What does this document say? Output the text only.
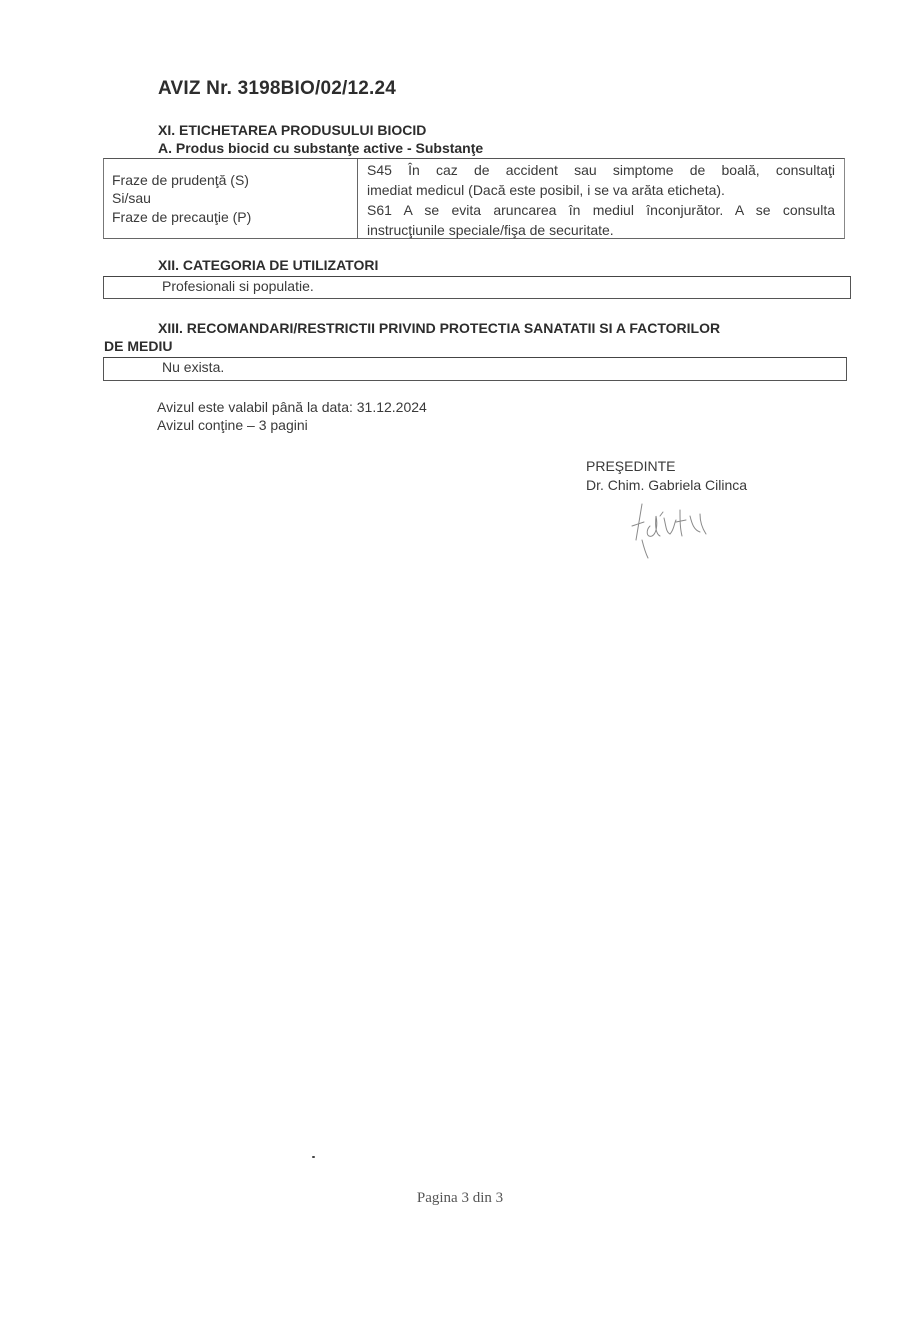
AVIZ Nr. 3198BIO/02/12.24
XI. ETICHETAREA PRODUSULUI BIOCID
A. Produs biocid cu substanţe active - Substanţe
Fraze de prudenţă (S)
Si/sau
Fraze de precauţie (P)
S45 În caz de accident sau simptome de boală, consultaţi
imediat medicul (Dacă este posibil, i se va arăta eticheta).
S61 A se evita aruncarea în mediul înconjurător. A se consulta
instrucţiunile speciale/fişa de securitate.
XII. CATEGORIA DE UTILIZATORI
Profesionali si populatie.
XIII. RECOMANDARI/RESTRICTII PRIVIND PROTECTIA SANATATII SI A FACTORILOR
DE MEDIU
Nu exista.
Avizul este valabil până la data: 31.12.2024
Avizul conţine – 3 pagini
PREŞEDINTE
Dr. Chim. Gabriela Cilinca
Pagina 3 din 3
